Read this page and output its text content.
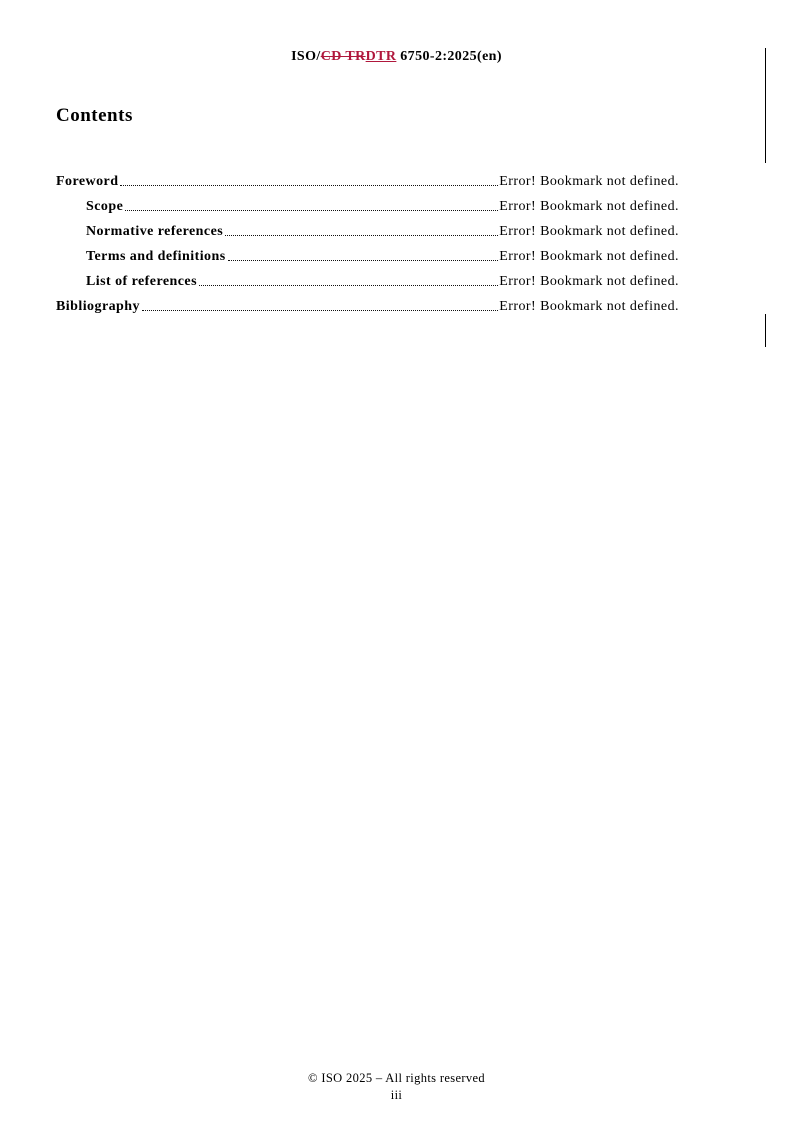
ISO/CD TRDTR 6750-2:2025(en)
Contents
Foreword	Error! Bookmark not defined.
Scope	Error! Bookmark not defined.
Normative references	Error! Bookmark not defined.
Terms and definitions	Error! Bookmark not defined.
List of references	Error! Bookmark not defined.
Bibliography	Error! Bookmark not defined.
© ISO 2025 – All rights reserved
iii
